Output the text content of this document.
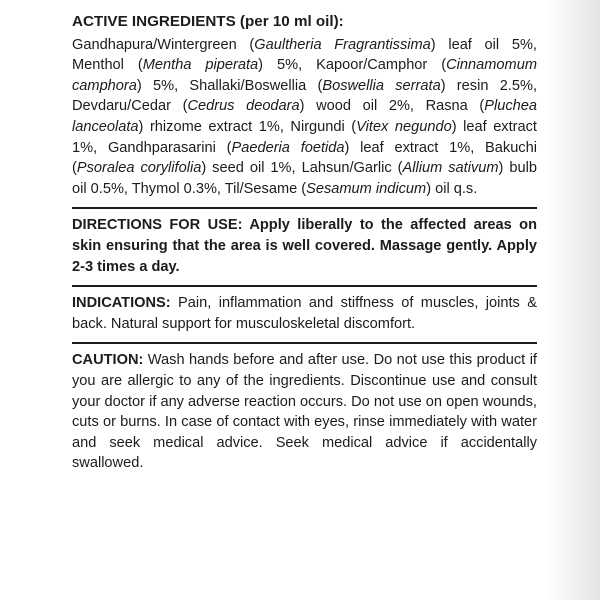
ACTIVE INGREDIENTS (per 10 ml oil):

Gandhapura/Wintergreen (Gaultheria Fragrantissima) leaf oil 5%, Menthol (Mentha piperata) 5%, Kapoor/Camphor (Cinnamomum camphora) 5%, Shallaki/Boswellia (Boswellia serrata) resin 2.5%, Devdaru/Cedar (Cedrus deodara) wood oil 2%, Rasna (Pluchea lanceolata) rhizome extract 1%, Nirgundi (Vitex negundo) leaf extract 1%, Gandhparasarini (Paederia foetida) leaf extract 1%, Bakuchi (Psoralea corylifolia) seed oil 1%, Lahsun/Garlic (Allium sativum) bulb oil 0.5%, Thymol 0.3%, Til/Sesame (Sesamum indicum) oil q.s.

DIRECTIONS FOR USE: Apply liberally to the affected areas on skin ensuring that the area is well covered. Massage gently. Apply 2-3 times a day.

INDICATIONS: Pain, inflammation and stiffness of muscles, joints & back. Natural support for musculoskeletal discomfort.

CAUTION: Wash hands before and after use. Do not use this product if you are allergic to any of the ingredients. Discontinue use and consult your doctor if any adverse reaction occurs. Do not use on open wounds, cuts or burns. In case of contact with eyes, rinse immediately with water and seek medical advice. Seek medical advice if accidentally swallowed.
